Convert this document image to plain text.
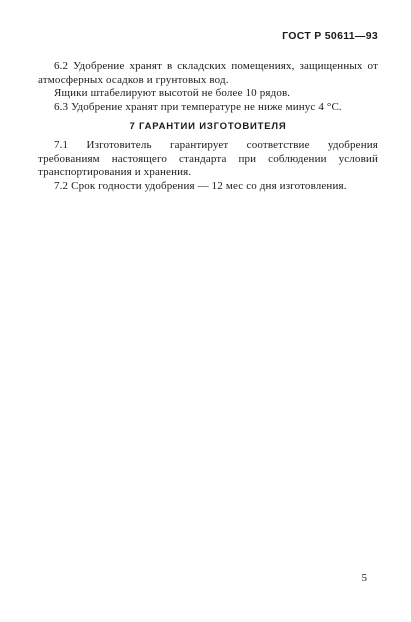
ГОСТ Р 50611—93

6.2 Удобрение хранят в складских помещениях, защищенных от атмосферных осадков и грунтовых вод.

Ящики штабелируют высотой не более 10 рядов.

6.3 Удобрение хранят при температуре не ниже минус 4 °С.

7 ГАРАНТИИ ИЗГОТОВИТЕЛЯ

7.1 Изготовитель гарантирует соответствие удобрения требованиям настоящего стандарта при соблюдении условий транспортирования и хранения.

7.2 Срок годности удобрения — 12 мес со дня изготовления.

5
